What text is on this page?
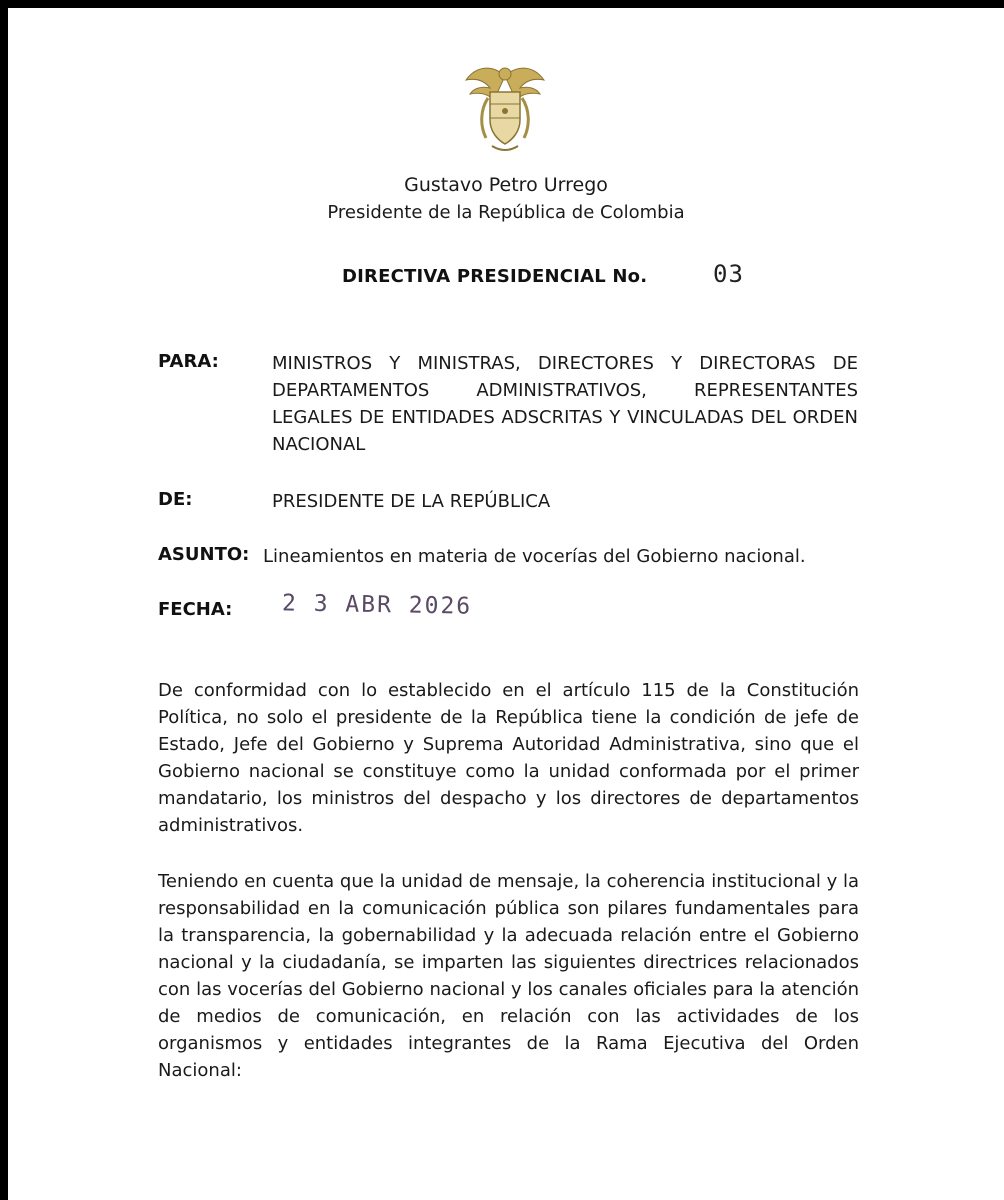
Gustavo Petro Urrego
Presidente de la República de Colombia
DIRECTIVA PRESIDENCIAL No.	03
PARA:	MINISTROS Y MINISTRAS, DIRECTORES Y DIRECTORAS DE DEPARTAMENTOS ADMINISTRATIVOS, REPRESENTANTES LEGALES DE ENTIDADES ADSCRITAS Y VINCULADAS DEL ORDEN NACIONAL
DE:	PRESIDENTE DE LA REPÚBLICA
ASUNTO: Lineamientos en materia de vocerías del Gobierno nacional.
FECHA: 2 3 ABR 2026

De conformidad con lo establecido en el artículo 115 de la Constitución Política, no solo el presidente de la República tiene la condición de jefe de Estado, Jefe del Gobierno y Suprema Autoridad Administrativa, sino que el Gobierno nacional se constituye como la unidad conformada por el primer mandatario, los ministros del despacho y los directores de departamentos administrativos.

Teniendo en cuenta que la unidad de mensaje, la coherencia institucional y la responsabilidad en la comunicación pública son pilares fundamentales para la transparencia, la gobernabilidad y la adecuada relación entre el Gobierno nacional y la ciudadanía, se imparten las siguientes directrices relacionados con las vocerías del Gobierno nacional y los canales oficiales para la atención de medios de comunicación, en relación con las actividades de los organismos y entidades integrantes de la Rama Ejecutiva del Orden Nacional:
